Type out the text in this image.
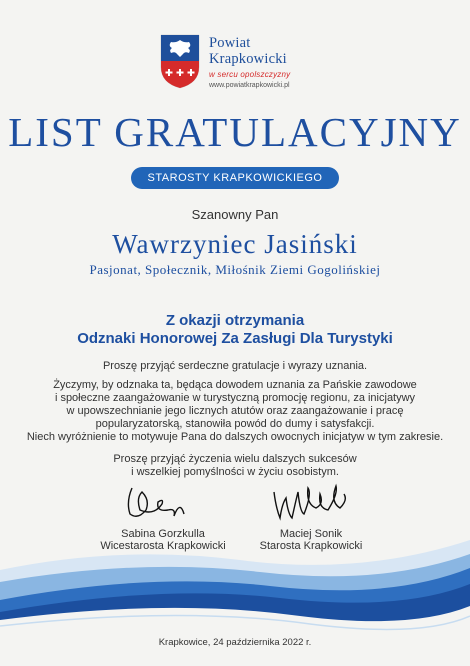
Powiat
Krapkowicki
w sercu opolszczyzny
www.powiatkrapkowicki.pl
LIST GRATULACYJNY
STAROSTY KRAPKOWICKIEGO
Szanowny Pan
Wawrzyniec Jasiński
Pasjonat, Społecznik, Miłośnik Ziemi Gogolińskiej
Z okazji otrzymania
Odznaki Honorowej Za Zasługi Dla Turystyki
Proszę przyjąć serdeczne gratulacje i wyrazy uznania.
Życzymy, by odznaka ta, będąca dowodem uznania za Pańskie zawodowe
i społeczne zaangażowanie w turystyczną promocję regionu, za inicjatywy
w upowszechnianie jego licznych atutów oraz zaangażowanie i pracę
popularyzatorską, stanowiła powód do dumy i satysfakcji.
Niech wyróżnienie to motywuje Pana do dalszych owocnych inicjatyw w tym zakresie.
Proszę przyjąć życzenia wielu dalszych sukcesów
i wszelkiej pomyślności w życiu osobistym.
Sabina Gorzkulla
Wicestarosta Krapkowicki
Maciej Sonik
Starosta Krapkowicki
Krapkowice, 24 października 2022 r.
